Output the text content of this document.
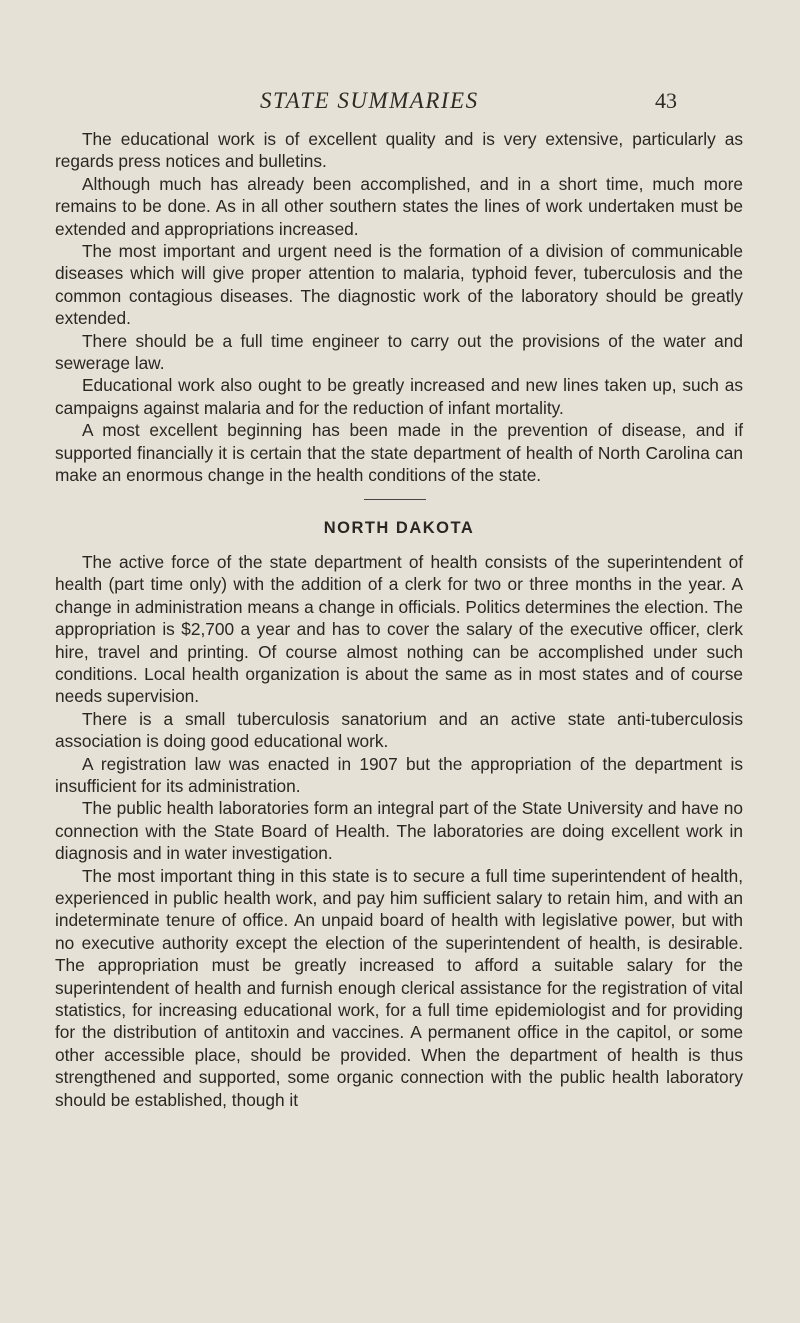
STATE SUMMARIES	43

The educational work is of excellent quality and is very extensive, particularly as regards press notices and bulletins.

Although much has already been accomplished, and in a short time, much more remains to be done. As in all other southern states the lines of work undertaken must be extended and appropriations increased.

The most important and urgent need is the formation of a division of communicable diseases which will give proper attention to malaria, typhoid fever, tuberculosis and the common contagious diseases. The diagnostic work of the laboratory should be greatly extended.

There should be a full time engineer to carry out the provisions of the water and sewerage law.

Educational work also ought to be greatly increased and new lines taken up, such as campaigns against malaria and for the reduction of infant mortality.

A most excellent beginning has been made in the prevention of disease, and if supported financially it is certain that the state department of health of North Carolina can make an enormous change in the health conditions of the state.

NORTH DAKOTA

The active force of the state department of health consists of the superintendent of health (part time only) with the addition of a clerk for two or three months in the year. A change in administration means a change in officials. Politics determines the election. The appropriation is $2,700 a year and has to cover the salary of the executive officer, clerk hire, travel and printing. Of course almost nothing can be accomplished under such conditions. Local health organization is about the same as in most states and of course needs supervision.

There is a small tuberculosis sanatorium and an active state anti-tuberculosis association is doing good educational work.

A registration law was enacted in 1907 but the appropriation of the department is insufficient for its administration.

The public health laboratories form an integral part of the State University and have no connection with the State Board of Health. The laboratories are doing excellent work in diagnosis and in water investigation.

The most important thing in this state is to secure a full time superintendent of health, experienced in public health work, and pay him sufficient salary to retain him, and with an indeterminate tenure of office. An unpaid board of health with legislative power, but with no executive authority except the election of the superintendent of health, is desirable. The appropriation must be greatly increased to afford a suitable salary for the superintendent of health and furnish enough clerical assistance for the registration of vital statistics, for increasing educational work, for a full time epidemiologist and for providing for the distribution of antitoxin and vaccines. A permanent office in the capitol, or some other accessible place, should be provided. When the department of health is thus strengthened and supported, some organic connection with the public health laboratory should be established, though it
